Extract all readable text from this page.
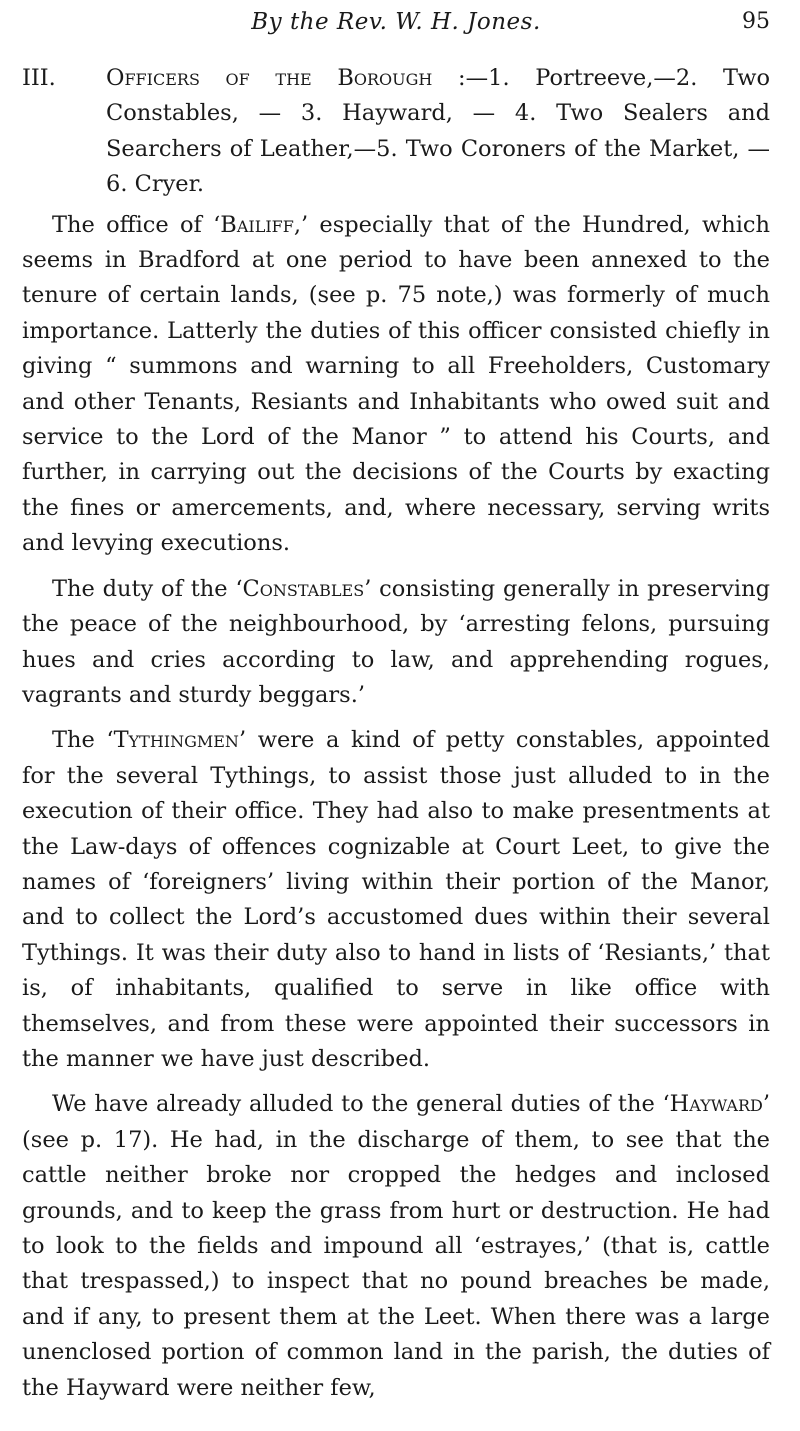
By the Rev. W. H. Jones.	95

III. Officers of the Borough :—1. Portreeve,—2. Two Constables, — 3. Hayward, — 4. Two Sealers and Searchers of Leather,—5. Two Coroners of the Market, —6. Cryer.

The office of ‘Bailiff,’ especially that of the Hundred, which seems in Bradford at one period to have been annexed to the tenure of certain lands, (see p. 75 note,) was formerly of much importance. Latterly the duties of this officer consisted chiefly in giving “ summons and warning to all Freeholders, Customary and other Tenants, Resiants and Inhabitants who owed suit and service to the Lord of the Manor ” to attend his Courts, and further, in carrying out the decisions of the Courts by exacting the fines or amercements, and, where necessary, serving writs and levying executions.

The duty of the ‘Constables’ consisting generally in preserving the peace of the neighbourhood, by ‘arresting felons, pursuing hues and cries according to law, and apprehending rogues, vagrants and sturdy beggars.’

The ‘Tythingmen’ were a kind of petty constables, appointed for the several Tythings, to assist those just alluded to in the execution of their office. They had also to make presentments at the Law-days of offences cognizable at Court Leet, to give the names of ‘foreigners’ living within their portion of the Manor, and to collect the Lord’s accustomed dues within their several Tythings. It was their duty also to hand in lists of ‘Resiants,’ that is, of inhabitants, qualified to serve in like office with themselves, and from these were appointed their successors in the manner we have just described.

We have already alluded to the general duties of the ‘Hayward’ (see p. 17). He had, in the discharge of them, to see that the cattle neither broke nor cropped the hedges and inclosed grounds, and to keep the grass from hurt or destruction. He had to look to the fields and impound all ‘estrayes,’ (that is, cattle that trespassed,) to inspect that no pound breaches be made, and if any, to present them at the Leet. When there was a large unenclosed portion of common land in the parish, the duties of the Hayward were neither few,
